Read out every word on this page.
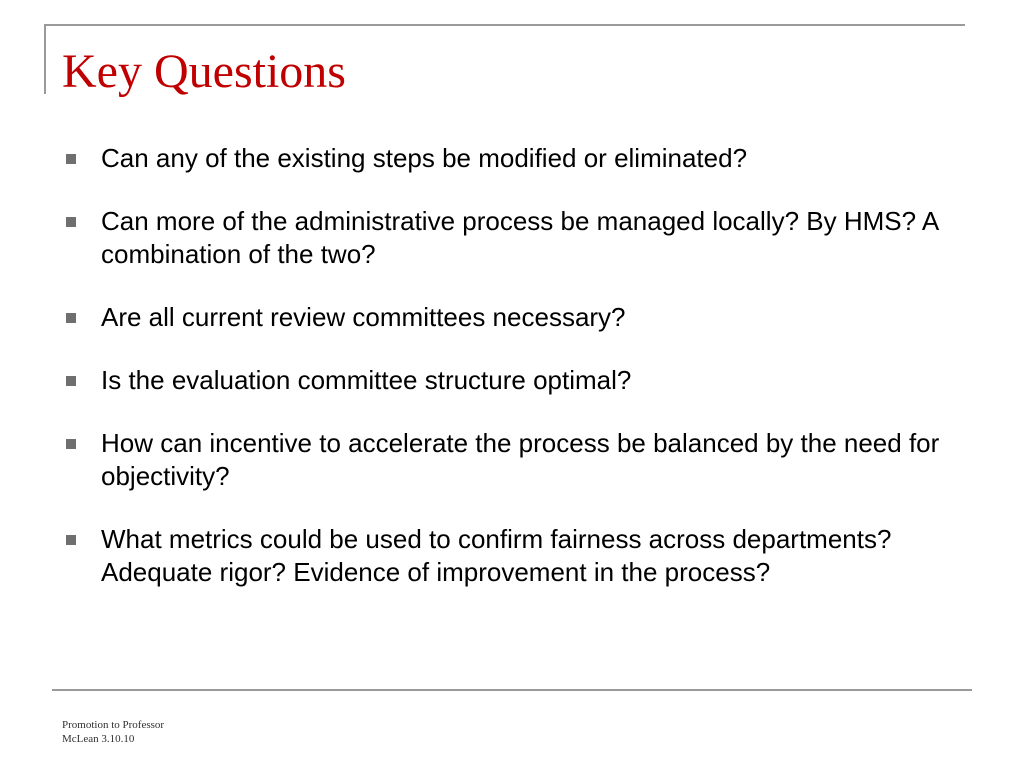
Key Questions
Can any of the existing steps be modified or eliminated?
Can more of the administrative process be managed locally? By HMS? A combination of the two?
Are all current review committees necessary?
Is the evaluation committee structure optimal?
How can incentive to accelerate the process be balanced by the need for objectivity?
What metrics could be used to confirm fairness across departments? Adequate rigor? Evidence of improvement in the process?
Promotion to Professor
McLean 3.10.10
